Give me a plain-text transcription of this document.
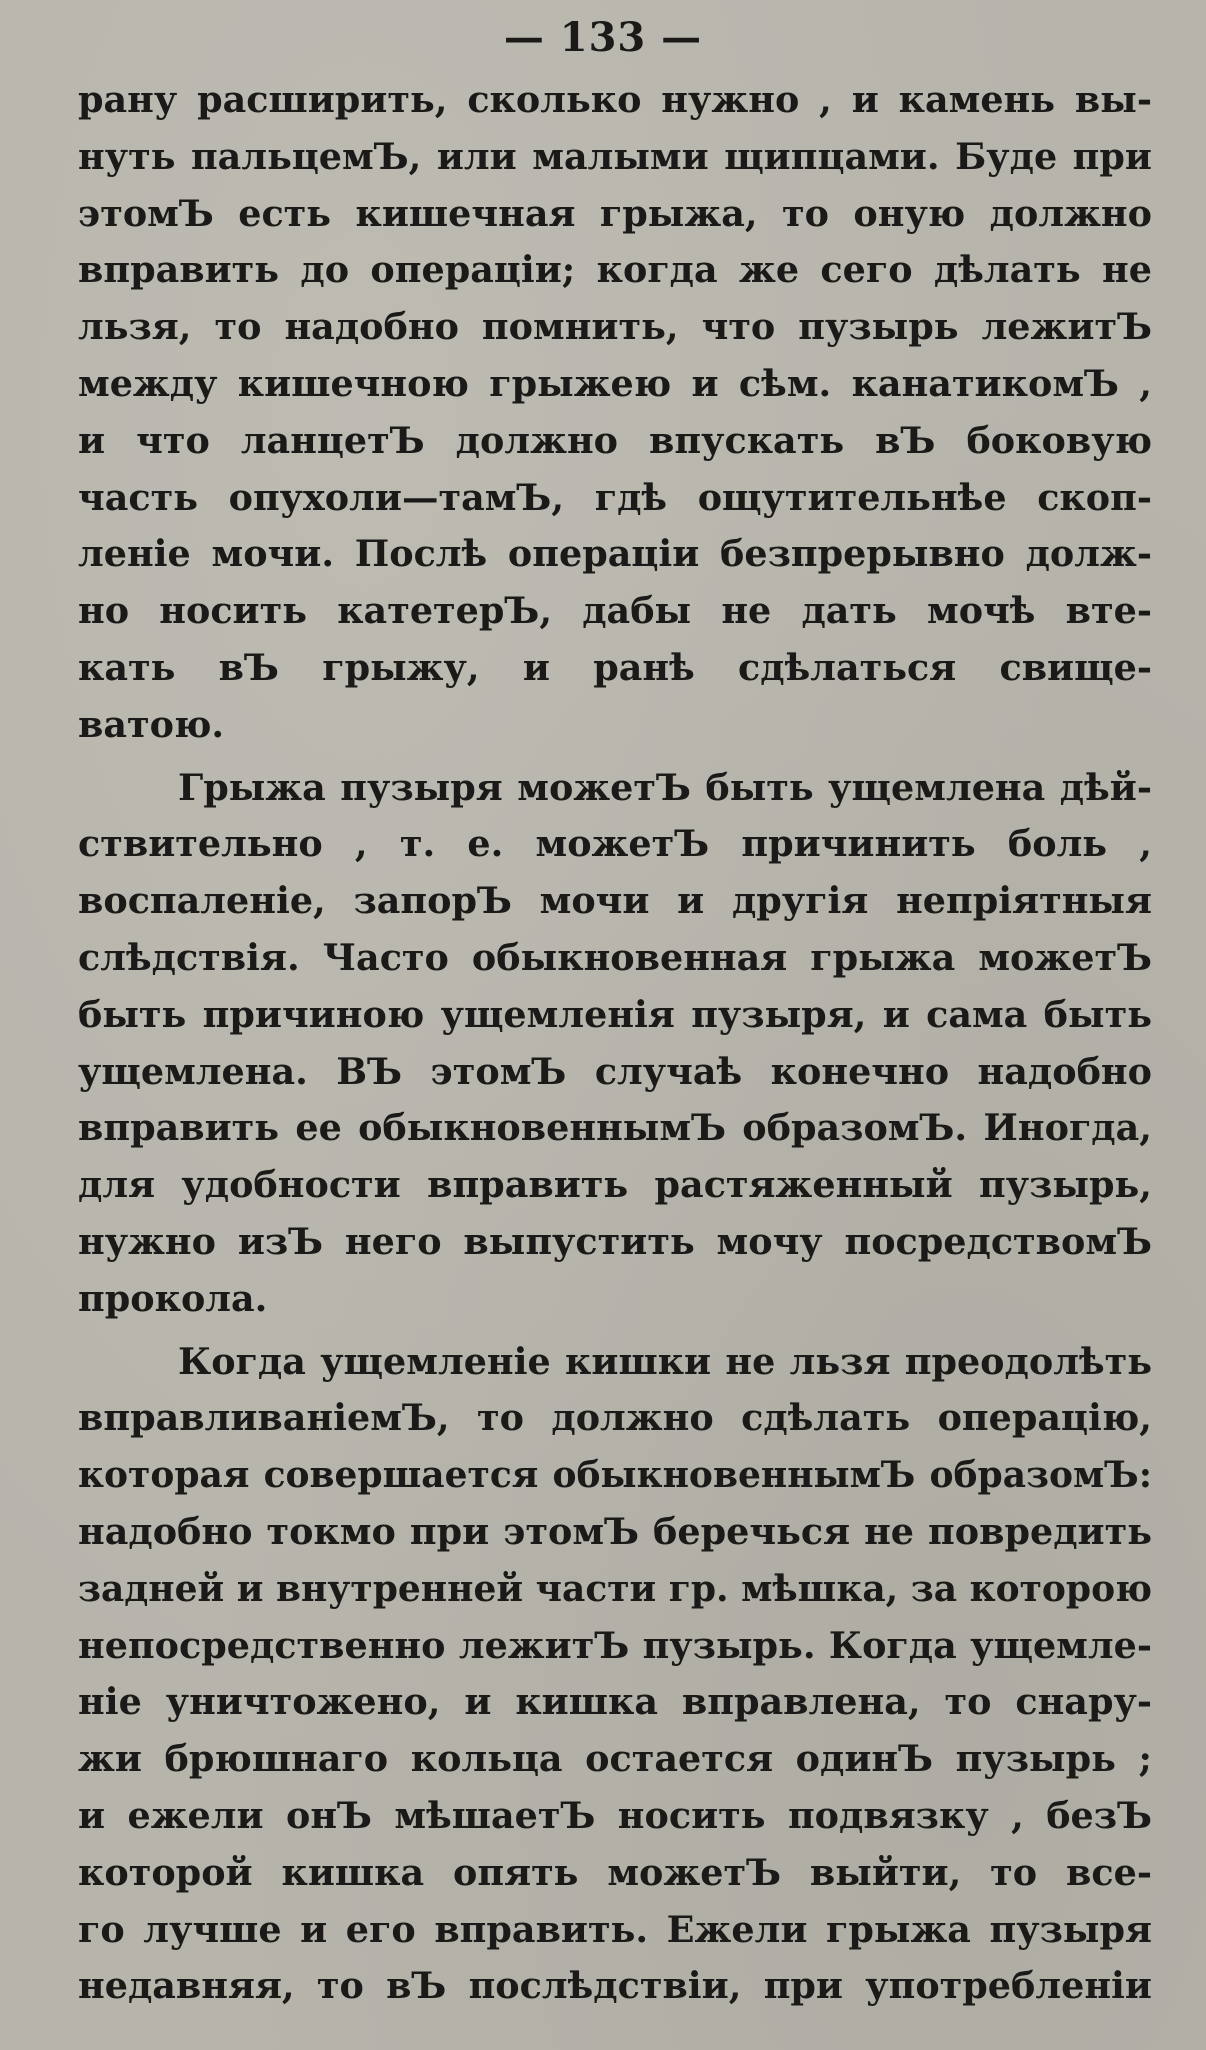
— 133 —
рану расширить, сколько нужно , и камень вы-
нуть пальцемЪ, или малыми щипцами. Буде при
этомЪ есть кишечная грыжа, то оную должно
вправить до операціи; когда же сего дѣлать не
льзя, то надобно помнить, что пузырь лежитЪ
между кишечною грыжею и сѣм. канатикомЪ ,
и что ланцетЪ должно впускать вЪ боковую
часть опухоли—тамЪ, гдѣ ощутительнѣе скоп-
леніе мочи. Послѣ операціи безпрерывно долж-
но носить катетерЪ, дабы не дать мочѣ вте-
кать вЪ грыжу, и ранѣ сдѣлаться свище-
ватою.
Грыжа пузыря можетЪ быть ущемлена дѣй-
ствительно , т. е. можетЪ причинить боль ,
воспаленіе, запорЪ мочи и другія непріятныя
слѣдствія. Часто обыкновенная грыжа можетЪ
быть причиною ущемленія пузыря, и сама быть
ущемлена. ВЪ этомЪ случаѣ конечно надобно
вправить ее обыкновеннымЪ образомЪ. Иногда,
для удобности вправить растяженный пузырь,
нужно изЪ него выпустить мочу посредствомЪ
прокола.
Когда ущемленіе кишки не льзя преодолѣть
вправливаніемЪ, то должно сдѣлать операцію,
которая совершается обыкновеннымЪ образомЪ:
надобно токмо при этомЪ беречься не повредить
задней и внутренней части гр. мѣшка, за которою
непосредственно лежитЪ пузырь. Когда ущемле-
ніе уничтожено, и кишка вправлена, то снару-
жи брюшнаго кольца остается одинЪ пузырь ;
и ежели онЪ мѣшаетЪ носить подвязку , безЪ
которой кишка опять можетЪ выйти, то все-
го лучше и его вправить. Ежели грыжа пузыря
недавняя, то вЪ послѣдствіи, при употребленіи
